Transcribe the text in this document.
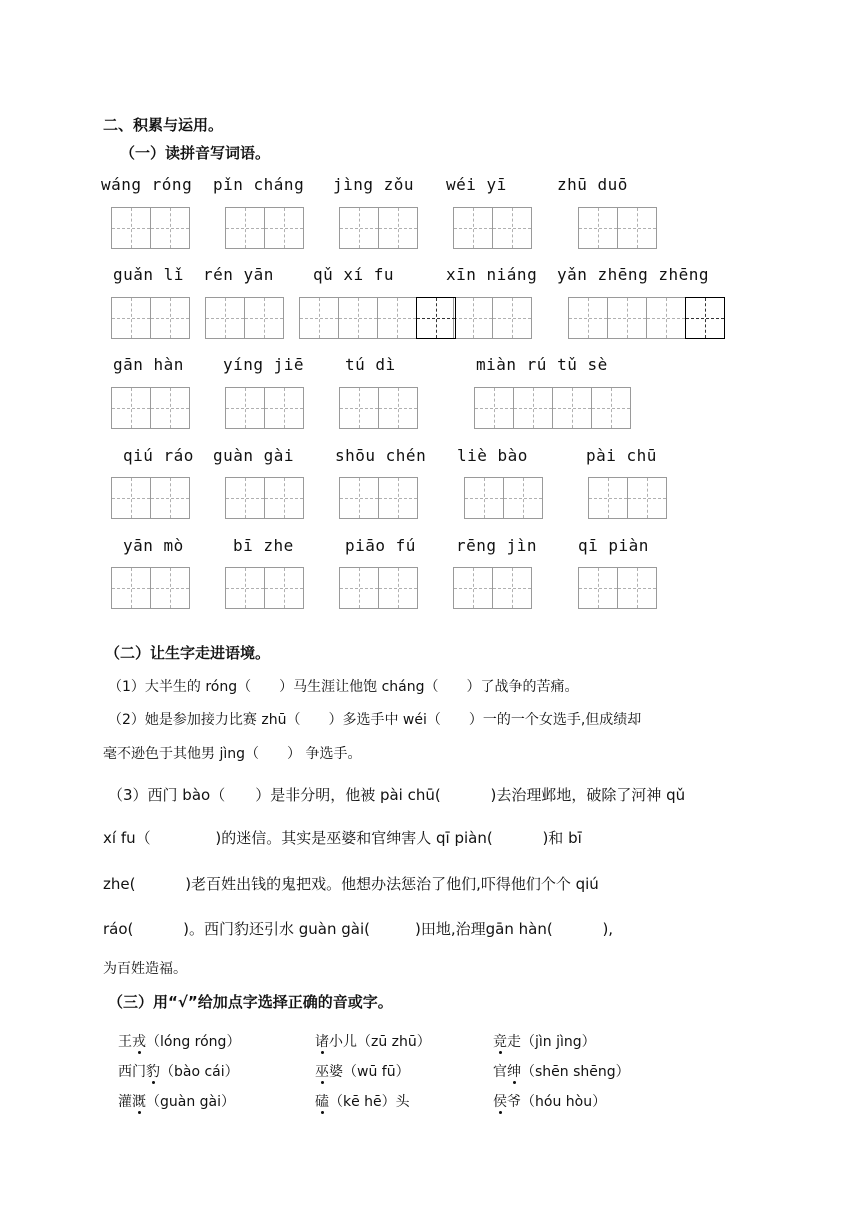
二、积累与运用。
（一）读拼音写词语。
wáng róng pǐn cháng jìng zǒu wéi yī	zhū duō
guǎn lǐ rén yān qǔ xí fu	xīn niáng yǎn zhēng zhēng
gān hàn yíng jiē	tú dì	miàn rú tǔ sè
qiú ráo guàn gài	shōu chén liè bào	pài chū
yān mò	bī zhe	piāo fú	rēng jìn	qī piàn
（二）让生字走进语境。
（1）大半生的 róng（　　）马生涯让他饱 cháng（　　）了战争的苦痛。
（2）她是参加接力比赛 zhū（　　）多选手中 wéi（　　）一的一个女选手,但成绩却
毫不逊色于其他男 jìng（　　） 争选手。
（3）西门 bào（　　）是非分明，他被 pài chū(　　　 )去治理邺地，破除了河神 qǔ
xí fu（　　　　 )的迷信。其实是巫婆和官绅害人 qī piàn(　　　 )和 bī
zhe(　　　 )老百姓出钱的鬼把戏。他想办法惩治了他们,吓得他们个个 qiú
ráo(　　　 )。西门豹还引水 guàn gài(　　　)田地,治理gān hàn(　　　 ),
为百姓造福。
（三）用“√”给加点字选择正确的音或字。
王戎（lóng róng）	诸小儿（zū zhū）	竞走（jìn jìng）
西门豹（bào cái）	巫婆（wū fū）	官绅（shēn shēng）
灌溉（guàn gài）	磕（kē hē）头	侯爷（hóu hòu）
